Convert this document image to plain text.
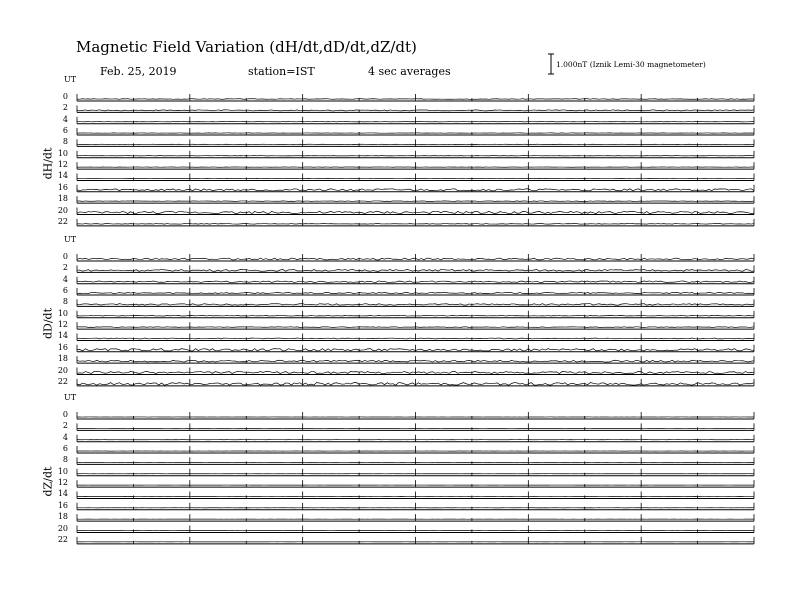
Magnetic Field Variation (dH/dt,dD/dt,dZ/dt)
Feb. 25, 2019	station=IST	4 sec averages
1.000nT (Iznik Lemi-30 magnetometer)
UT
dH/dt
0
2
4
6
8
10
12
14
16
18
20
22
UT
dD/dt
0
2
4
6
8
10
12
14
16
18
20
22
UT
dZ/dt
0
2
4
6
8
10
12
14
16
18
20
22
